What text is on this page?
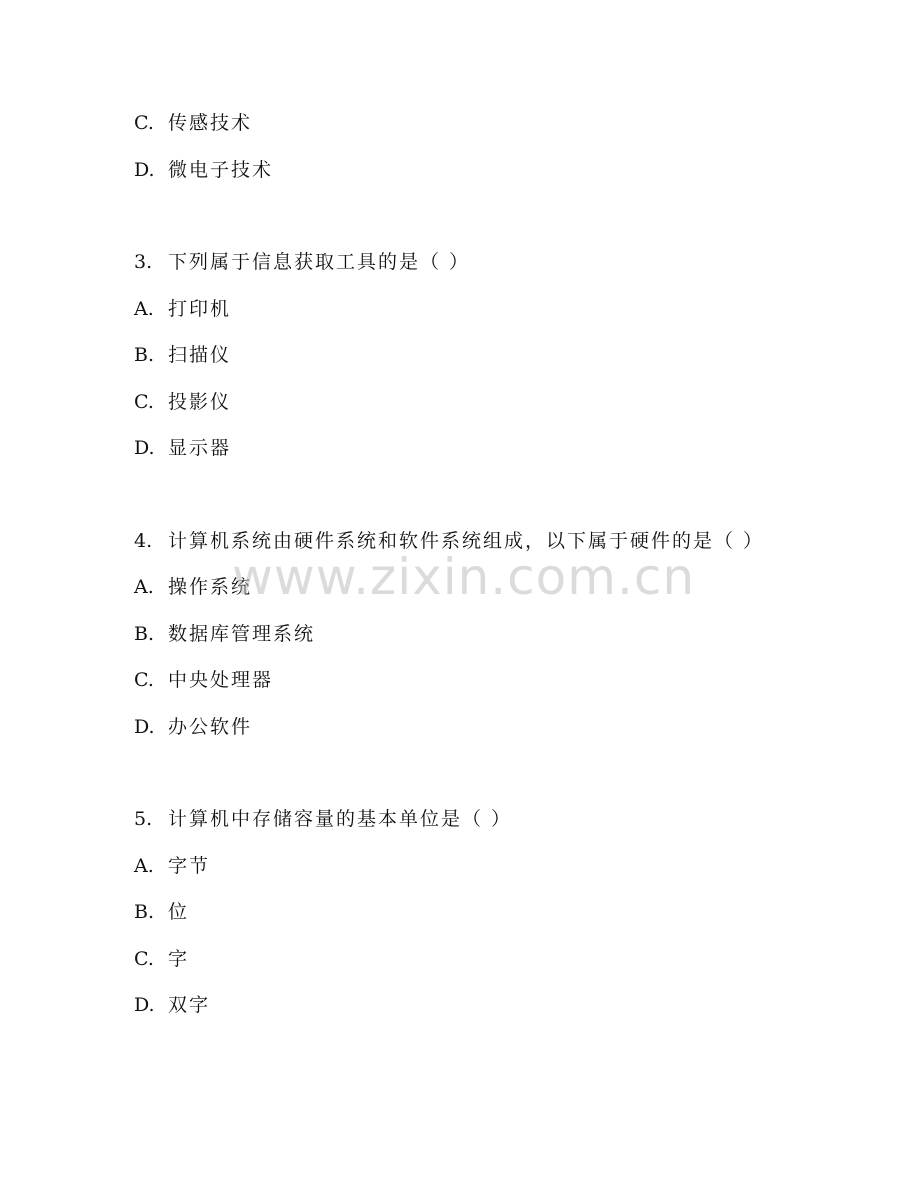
C. 传感技术
D. 微电子技术
3. 下列属于信息获取工具的是（ ）
A. 打印机
B. 扫描仪
C. 投影仪
D. 显示器
4. 计算机系统由硬件系统和软件系统组成，以下属于硬件的是（ ）
A. 操作系统
B. 数据库管理系统
C. 中央处理器
D. 办公软件
5. 计算机中存储容量的基本单位是（ ）
A. 字节
B. 位
C. 字
D. 双字
www.zixin.com.cn
